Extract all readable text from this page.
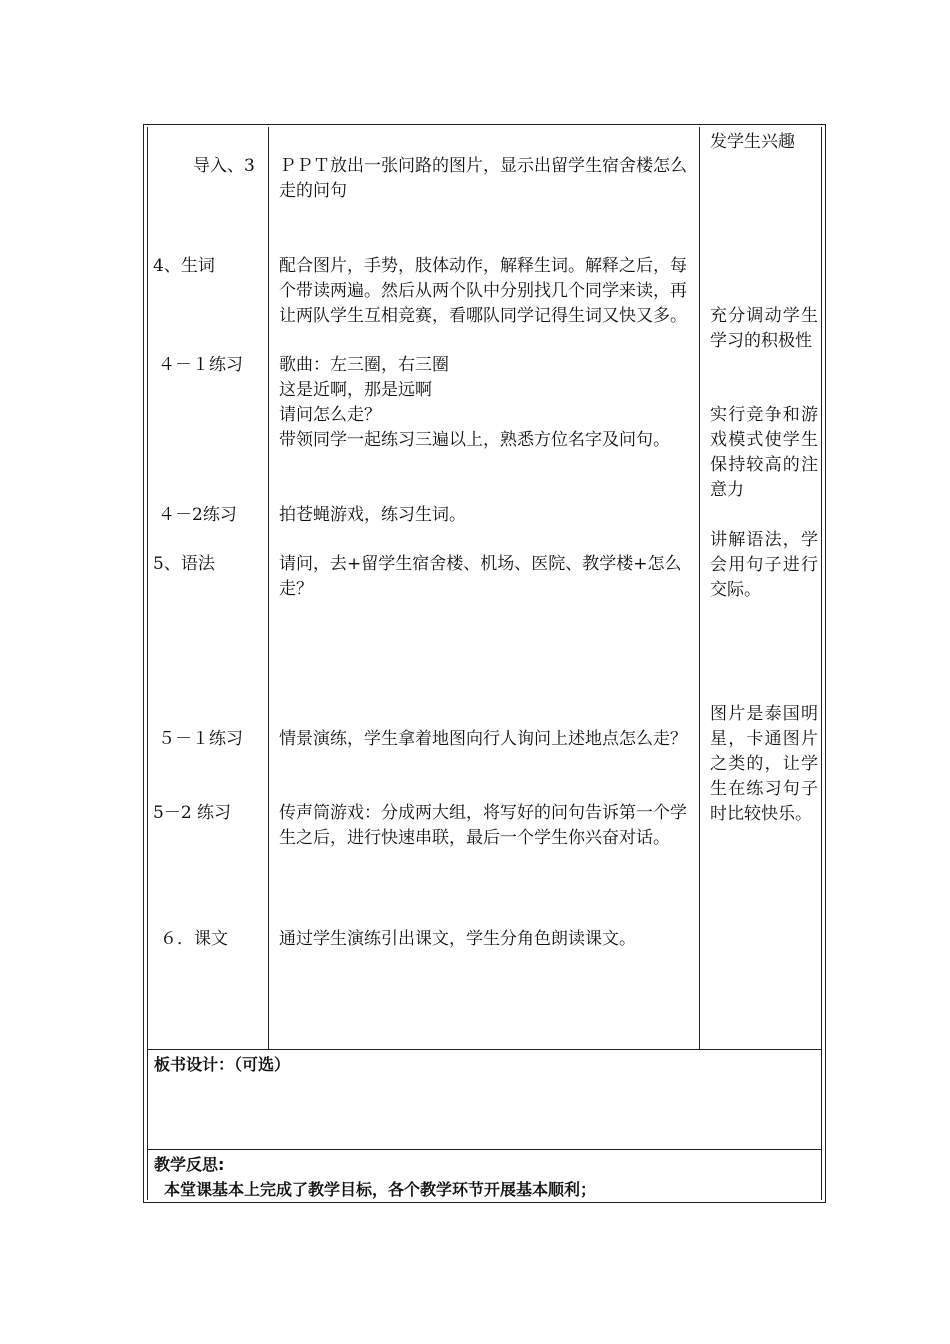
导入、3
4、生词
４－１练习
４－2练习
5、语法
５－１练习
5－2 练习
６．课文
ＰＰＴ放出一张问路的图片，显示出留学生宿舍楼怎么走的问句
配合图片，手势，肢体动作，解释生词。解释之后，每个带读两遍。然后从两个队中分别找几个同学来读，再让两队学生互相竞赛，看哪队同学记得生词又快又多。
歌曲：左三圈，右三圈
这是近啊，那是远啊
请问怎么走？
带领同学一起练习三遍以上，熟悉方位名字及问句。
拍苍蝇游戏，练习生词。
请问，去+留学生宿舍楼、机场、医院、教学楼+怎么走？
情景演练，学生拿着地图向行人询问上述地点怎么走？
传声筒游戏：分成两大组，将写好的问句告诉第一个学生之后，进行快速串联，最后一个学生你兴奋对话。
通过学生演练引出课文，学生分角色朗读课文。
发学生兴趣
充分调动学生学习的积极性
实行竞争和游戏模式使学生保持较高的注意力
讲解语法，学会用句子进行交际。
图片是泰国明星，卡通图片之类的，让学生在练习句子时比较快乐。
板书设计：（可选）
教学反思:
本堂课基本上完成了教学目标，各个教学环节开展基本顺利；
